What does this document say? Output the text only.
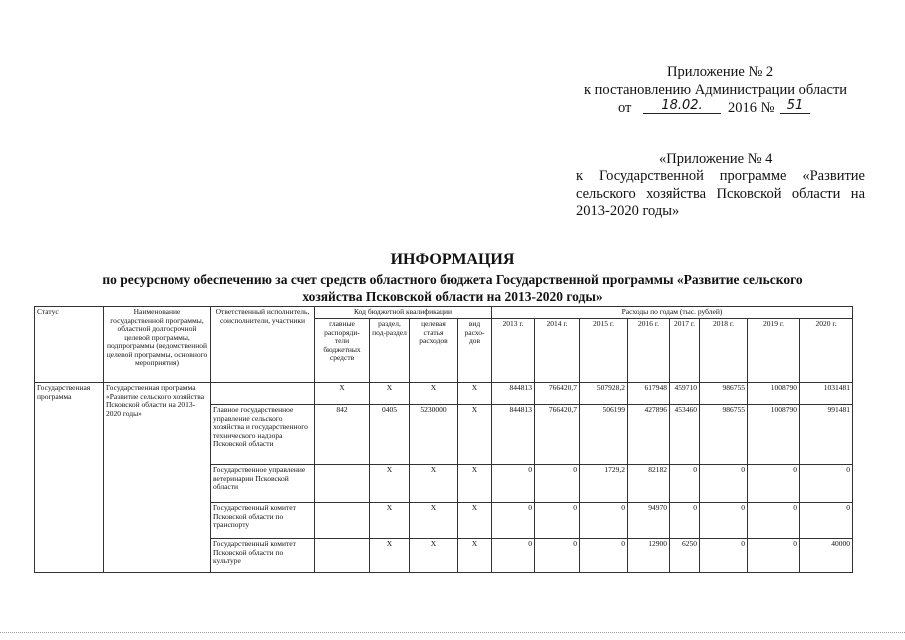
Приложение № 2
к постановлению Администрации области
от	18.02.	2016 № 51
«Приложение № 4
к Государственной программе «Развитие сельского хозяйства Псковской области на 2013-2020 годы»
ИНФОРМАЦИЯ
по ресурсному обеспечению за счет средств областного бюджета Государственной программы «Развитие сельского
хозяйства Псковской области на 2013-2020 годы»
Статус	Наименование государственной программы, областной долгосрочной целевой программы, подпрограммы (ведомственной целевой программы, основного мероприятия)	Ответственный исполнитель, соисполнители, участники	Код бюджетной квалификации				Расходы по годам (тыс. рублей)							
			главные распоряди-тели бюджетных средств	раздел, под-раздел	целевая статья расходов	вид расхо-дов	2013 г.	2014 г.	2015 г.	2016 г.	2017 г.	2018 г.	2019 г.	2020 г.
Государственная программа	Государственная программа «Развитие сельского хозяйства Псковской области на 2013-2020 годы»		X	X	X	X	844813	766420,7	507928,2	617948	459710	986755	1008790	1031481
		Главное государственное управление сельского хозяйства и государственного технического надзора Псковской области	842	0405	5230000	X	844813	766420,7	506199	427896	453460	986755	1008790	991481
		Государственное управление ветеринарии Псковской области		X	X	X	0	0	1729,2	82182	0	0	0	0
		Государственный комитет Псковской области по транспорту		X	X	X	0	0	0	94970	0	0	0	0
		Государственный комитет Псковской области по культуре		X	X	X	0	0	0	12900	6250	0	0	40000
